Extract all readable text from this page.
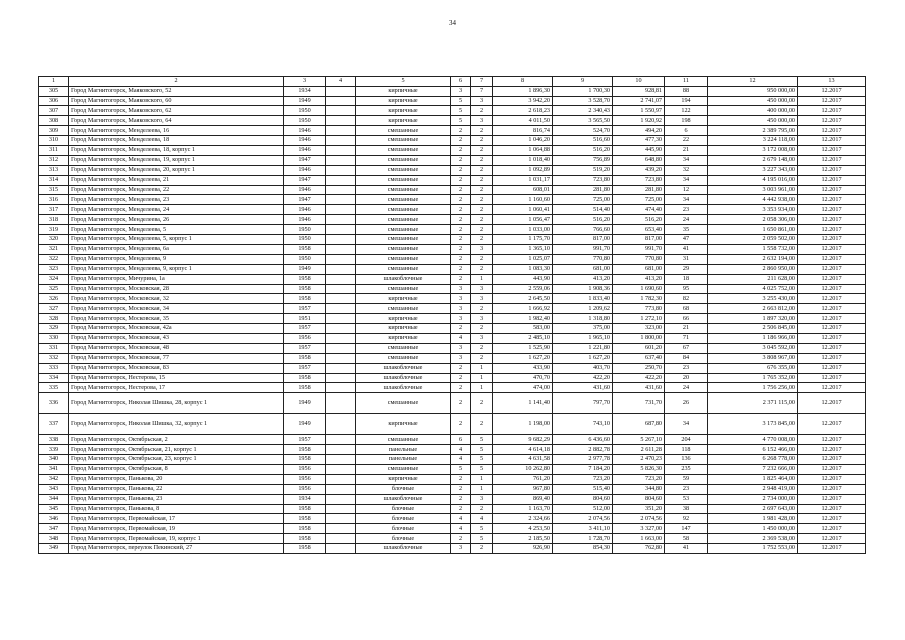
34
1	2	3	4	5	6	7	8	9	10	11	12	13
305	Город Магнитогорск, Маяковского, 52	1934		кирпичные	3	7	1 896,30	1 700,30	928,81	88	950 000,00	12.2017
306	Город Магнитогорск, Маяковского, 60	1949		кирпичные	5	3	3 942,20	3 528,70	2 741,07	194	450 000,00	12.2017
307	Город Магнитогорск, Маяковского, 62	1950		кирпичные	5	2	2 618,23	2 340,43	1 550,97	122	400 000,00	12.2017
308	Город Магнитогорск, Маяковского, 64	1950		кирпичные	5	3	4 011,50	3 565,50	1 920,92	198	450 000,00	12.2017
309	Город Магнитогорск, Менделеева, 16	1946		смешанные	2	2	816,74	524,70	494,20	6	2 389 795,00	12.2017
310	Город Магнитогорск, Менделеева, 18	1946		смешанные	2	2	1 046,20	516,60	477,30	22	3 224 118,00	12.2017
311	Город Магнитогорск, Менделеева, 18, корпус 1	1946		смешанные	2	2	1 064,88	516,20	445,90	21	3 172 008,00	12.2017
312	Город Магнитогорск, Менделеева, 19, корпус 1	1947		смешанные	2	2	1 018,40	756,89	648,80	34	2 679 148,00	12.2017
313	Город Магнитогорск, Менделеева, 20, корпус 1	1946		смешанные	2	2	1 092,89	519,20	439,20	32	3 227 343,00	12.2017
314	Город Магнитогорск, Менделеева, 21	1947		смешанные	2	2	1 031,17	723,80	723,80	34	4 195 016,00	12.2017
315	Город Магнитогорск, Менделеева, 22	1946		смешанные	2	2	608,01	281,80	281,80	12	3 003 961,00	12.2017
316	Город Магнитогорск, Менделеева, 23	1947		смешанные	2	2	1 160,60	725,00	725,00	34	4 442 938,00	12.2017
317	Город Магнитогорск, Менделеева, 24	1946		смешанные	2	2	1 060,41	514,40	474,40	23	3 353 934,00	12.2017
318	Город Магнитогорск, Менделеева, 26	1946		смешанные	2	2	1 056,47	516,20	516,20	24	2 058 306,00	12.2017
319	Город Магнитогорск, Менделеева, 5	1950		смешанные	2	2	1 033,00	766,60	653,40	35	1 650 861,00	12.2017
320	Город Магнитогорск, Менделеева, 5, корпус 1	1950		смешанные	2	2	1 175,70	817,00	817,00	47	2 059 502,00	12.2017
321	Город Магнитогорск, Менделеева, 6а	1958		смешанные	2	3	1 365,10	991,70	991,70	41	1 558 732,00	12.2017
322	Город Магнитогорск, Менделеева, 9	1950		смешанные	2	2	1 025,07	770,80	770,80	31	2 632 194,00	12.2017
323	Город Магнитогорск, Менделеева, 9, корпус 1	1949		смешанные	2	2	1 083,30	681,00	681,00	29	2 860 950,00	12.2017
324	Город Магнитогорск, Мичурина, 1а	1958		шлакоблочные	2	1	443,90	413,20	413,20	18	211 628,00	12.2017
325	Город Магнитогорск, Московская, 28	1958		смешанные	3	3	2 559,06	1 908,36	1 690,60	95	4 025 752,00	12.2017
326	Город Магнитогорск, Московская, 32	1958		кирпичные	3	3	2 645,50	1 833,40	1 782,30	82	3 255 430,00	12.2017
327	Город Магнитогорск, Московская, 34	1957		смешанные	3	2	1 666,92	1 209,62	773,80	68	2 663 812,00	12.2017
328	Город Магнитогорск, Московская, 35	1951		кирпичные	3	3	1 982,40	1 318,80	1 272,10	66	1 897 320,00	12.2017
329	Город Магнитогорск, Московская, 42а	1957		кирпичные	2	2	583,00	375,00	323,00	21	2 506 845,00	12.2017
330	Город Магнитогорск, Московская, 43	1956		кирпичные	4	3	2 485,10	1 965,10	1 800,00	71	1 186 966,00	12.2017
331	Город Магнитогорск, Московская, 48	1957		смешанные	3	2	1 525,90	1 221,80	601,20	67	3 045 592,00	12.2017
332	Город Магнитогорск, Московская, 77	1958		смешанные	3	2	1 627,20	1 627,20	637,40	84	3 808 967,00	12.2017
333	Город Магнитогорск, Московская, 83	1957		шлакоблочные	2	1	433,90	403,70	250,70	23	676 355,00	12.2017
334	Город Магнитогорск, Нестерова, 15	1958		шлакоблочные	2	1	470,70	422,20	422,20	20	1 765 352,00	12.2017
335	Город Магнитогорск, Нестерова, 17	1958		шлакоблочные	2	1	474,00	431,60	431,60	24	1 756 256,00	12.2017
336	Город Магнитогорск, Николая Шишка, 28, корпус 1	1949		смешанные	2	2	1 141,40	797,70	731,70	26	2 371 115,00	12.2017
337	Город Магнитогорск, Николая Шишка, 32, корпус 1	1949		кирпичные	2	2	1 198,00	743,10	687,80	34	3 173 845,00	12.2017
338	Город Магнитогорск, Октябрьская, 2	1957		смешанные	6	5	9 682,29	6 436,60	5 267,10	204	4 770 008,00	12.2017
339	Город Магнитогорск, Октябрьская, 21, корпус 1	1958		панельные	4	5	4 614,18	2 882,78	2 611,28	118	6 152 466,00	12.2017
340	Город Магнитогорск, Октябрьская, 23, корпус 1	1958		панельные	4	5	4 631,58	2 977,78	2 470,23	136	6 268 778,00	12.2017
341	Город Магнитогорск, Октябрьская, 8	1956		смешанные	5	5	10 262,80	7 184,20	5 826,30	235	7 232 666,00	12.2017
342	Город Магнитогорск, Панькова, 20	1956		кирпичные	2	1	761,20	723,20	723,20	59	1 825 464,00	12.2017
343	Город Магнитогорск, Панькова, 22	1956		блочные	2	1	967,80	515,40	344,80	23	2 948 419,00	12.2017
344	Город Магнитогорск, Панькова, 23	1934		шлакоблочные	2	3	869,40	804,60	804,60	53	2 734 000,00	12.2017
345	Город Магнитогорск, Панькова, 8	1958		блочные	2	2	1 163,70	512,00	351,20	38	2 697 643,00	12.2017
346	Город Магнитогорск, Первомайская, 17	1958		блочные	4	4	2 324,66	2 074,56	2 074,56	92	1 981 428,00	12.2017
347	Город Магнитогорск, Первомайская, 19	1958		блочные	4	5	4 253,50	3 411,10	3 327,00	147	1 450 000,00	12.2017
348	Город Магнитогорск, Первомайская, 19, корпус 1	1958		блочные	2	5	2 185,50	1 728,70	1 663,00	58	2 369 538,00	12.2017
349	Город Магнитогорск, переулок Пекинский, 27	1958		шлакоблочные	3	2	926,90	854,30	762,80	41	1 752 553,00	12.2017
